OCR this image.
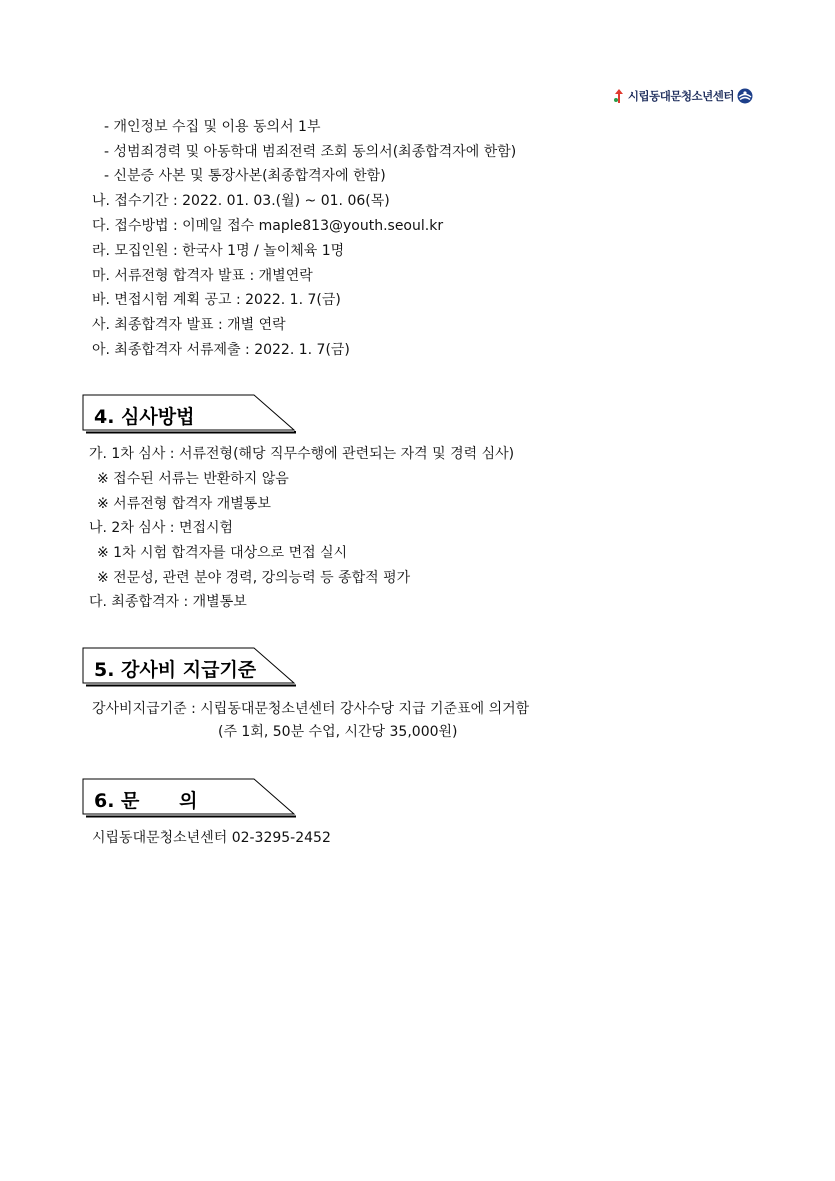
시립동대문청소년센터
- 개인정보 수집 및 이용 동의서 1부
- 성범죄경력 및 아동학대 범죄전력 조회 동의서(최종합격자에 한함)
- 신분증 사본 및 통장사본(최종합격자에 한함)
나. 접수기간 : 2022. 01. 03.(월) ~ 01. 06(목)
다. 접수방법 : 이메일 접수 maple813@youth.seoul.kr
라. 모집인원 : 한국사 1명 / 놀이체육 1명
마. 서류전형 합격자 발표 : 개별연락
바. 면접시험 계획 공고 : 2022. 1. 7(금)
사. 최종합격자 발표 : 개별 연락
아. 최종합격자 서류제출 : 2022. 1. 7(금)
4. 심사방법
가. 1차 심사 : 서류전형(해당 직무수행에 관련되는 자격 및 경력 심사)
※ 접수된 서류는 반환하지 않음
※ 서류전형 합격자 개별통보
나. 2차 심사 : 면접시험
※ 1차 시험 합격자를 대상으로 면접 실시
※ 전문성, 관련 분야 경력, 강의능력 등 종합적 평가
다. 최종합격자 : 개별통보
5. 강사비 지급기준
강사비지급기준 : 시립동대문청소년센터 강사수당 지급 기준표에 의거함
(주 1회, 50분 수업, 시간당 35,000원)
6. 문      의
시립동대문청소년센터 02-3295-2452
